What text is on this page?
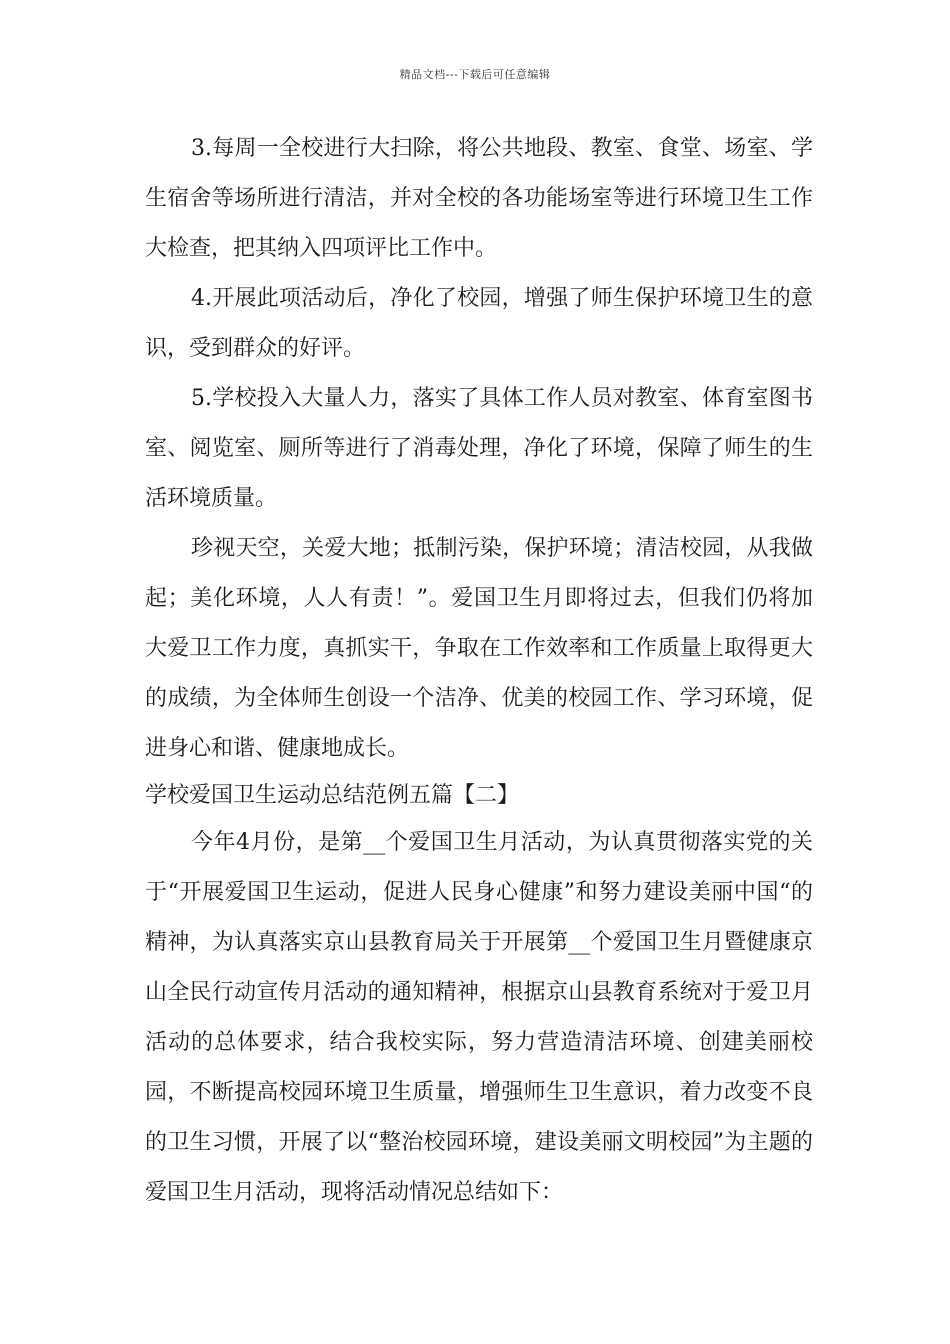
精品文档---下载后可任意编辑

3.每周一全校进行大扫除，将公共地段、教室、食堂、场室、学生宿舍等场所进行清洁，并对全校的各功能场室等进行环境卫生工作大检查，把其纳入四项评比工作中。

4.开展此项活动后，净化了校园，增强了师生保护环境卫生的意识，受到群众的好评。

5.学校投入大量人力，落实了具体工作人员对教室、体育室图书室、阅览室、厕所等进行了消毒处理，净化了环境，保障了师生的生活环境质量。

珍视天空，关爱大地；抵制污染，保护环境；清洁校园，从我做起；美化环境，人人有责！”。爱国卫生月即将过去，但我们仍将加大爱卫工作力度，真抓实干，争取在工作效率和工作质量上取得更大的成绩，为全体师生创设一个洁净、优美的校园工作、学习环境，促进身心和谐、健康地成长。

学校爱国卫生运动总结范例五篇【二】

今年4月份，是第__个爱国卫生月活动，为认真贯彻落实党的关于“开展爱国卫生运动，促进人民身心健康”和努力建设美丽中国“的精神，为认真落实京山县教育局关于开展第__个爱国卫生月暨健康京山全民行动宣传月活动的通知精神，根据京山县教育系统对于爱卫月活动的总体要求，结合我校实际，努力营造清洁环境、创建美丽校园，不断提高校园环境卫生质量，增强师生卫生意识，着力改变不良的卫生习惯，开展了以“整治校园环境，建设美丽文明校园”为主题的爱国卫生月活动，现将活动情况总结如下：
